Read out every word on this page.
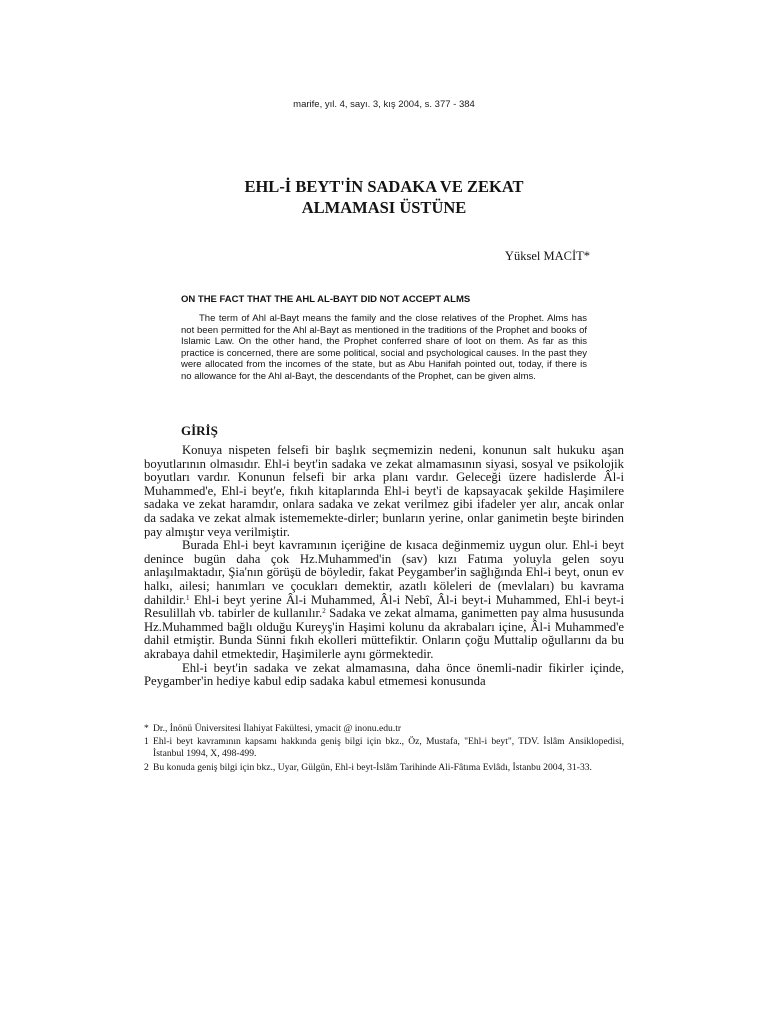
marife, yıl. 4, sayı. 3, kış 2004, s. 377 - 384
EHL-İ BEYT'İN SADAKA VE ZEKAT
ALMAMASI ÜSTÜNE
Yüksel MACİT*
ON THE FACT THAT THE AHL AL-BAYT DID NOT ACCEPT ALMS
The term of Ahl al-Bayt means the family and the close relatives of the Prophet. Alms has not been permitted for the Ahl al-Bayt as mentioned in the traditions of the Prophet and books of Islamic Law. On the other hand, the Prophet conferred share of loot on them. As far as this practice is concerned, there are some political, social and psychological causes. In the past they were allocated from the incomes of the state, but as Abu Hanifah pointed out, today, if there is no allowance for the Ahl al-Bayt, the descendants of the Prophet, can be given alms.
GİRİŞ

Konuya nispeten felsefi bir başlık seçmemizin nedeni, konunun salt hukuku aşan boyutlarının olmasıdır. Ehl-i beyt'in sadaka ve zekat almamasının siyasi, sosyal ve psikolojik boyutları vardır. Konunun felsefi bir arka planı vardır. Geleceği üzere hadislerde Âl-i Muhammed'e, Ehl-i beyt'e, fıkıh kitaplarında Ehl-i beyt'i de kapsayacak şekilde Haşimilere sadaka ve zekat haramdır, onlara sadaka ve zekat verilmez gibi ifadeler yer alır, ancak onlar da sadaka ve zekat almak istememekte-dirler; bunların yerine, onlar ganimetin beşte birinden pay almıştır veya verilmiştir.

Burada Ehl-i beyt kavramının içeriğine de kısaca değinmemiz uygun olur. Ehl-i beyt denince bugün daha çok Hz.Muhammed'in (sav) kızı Fatıma yoluyla gelen soyu anlaşılmaktadır, Şia'nın görüşü de böyledir, fakat Peygamber'in sağlığında Ehl-i beyt, onun ev halkı, ailesi; hanımları ve çocukları demektir, azatlı köleleri de (mevlaları) bu kavrama dahildir.$^1$ Ehl-i beyt yerine Âl-i Muhammed, Âl-i Nebî, Âl-i beyt-i Muhammed, Ehl-i beyt-i Resulillah vb. tabirler de kullanılır.$^2$ Sadaka ve zekat almama, ganimetten pay alma hususunda Hz.Muhammed bağlı olduğu Kureyş'in Haşimi kolunu da akrabaları içine, Âl-i Muhammed'e dahil etmiştir. Bunda Sünni fıkıh ekolleri müttefiktir. Onların çoğu Muttalip oğullarını da bu akrabaya dahil etmektedir, Haşimilerle aynı görmektedir.

Ehl-i beyt'in sadaka ve zekat almamasına, daha önce önemli-nadir fikirler içinde, Peygamber'in hediye kabul edip sadaka kabul etmemesi konusunda

* Dr., İnönü Üniversitesi İlahiyat Fakültesi, ymacit @ inonu.edu.tr

1 Ehl-i beyt kavramının kapsamı hakkında geniş bilgi için bkz., Öz, Mustafa, "Ehl-i beyt", TDV. İslâm Ansiklopedisi, İstanbul 1994, X, 498-499.

2 Bu konuda geniş bilgi için bkz., Uyar, Gülgün, Ehl-i beyt-İslâm Tarihinde Ali-Fâtıma Evlâdı, İstanbu 2004, 31-33.
